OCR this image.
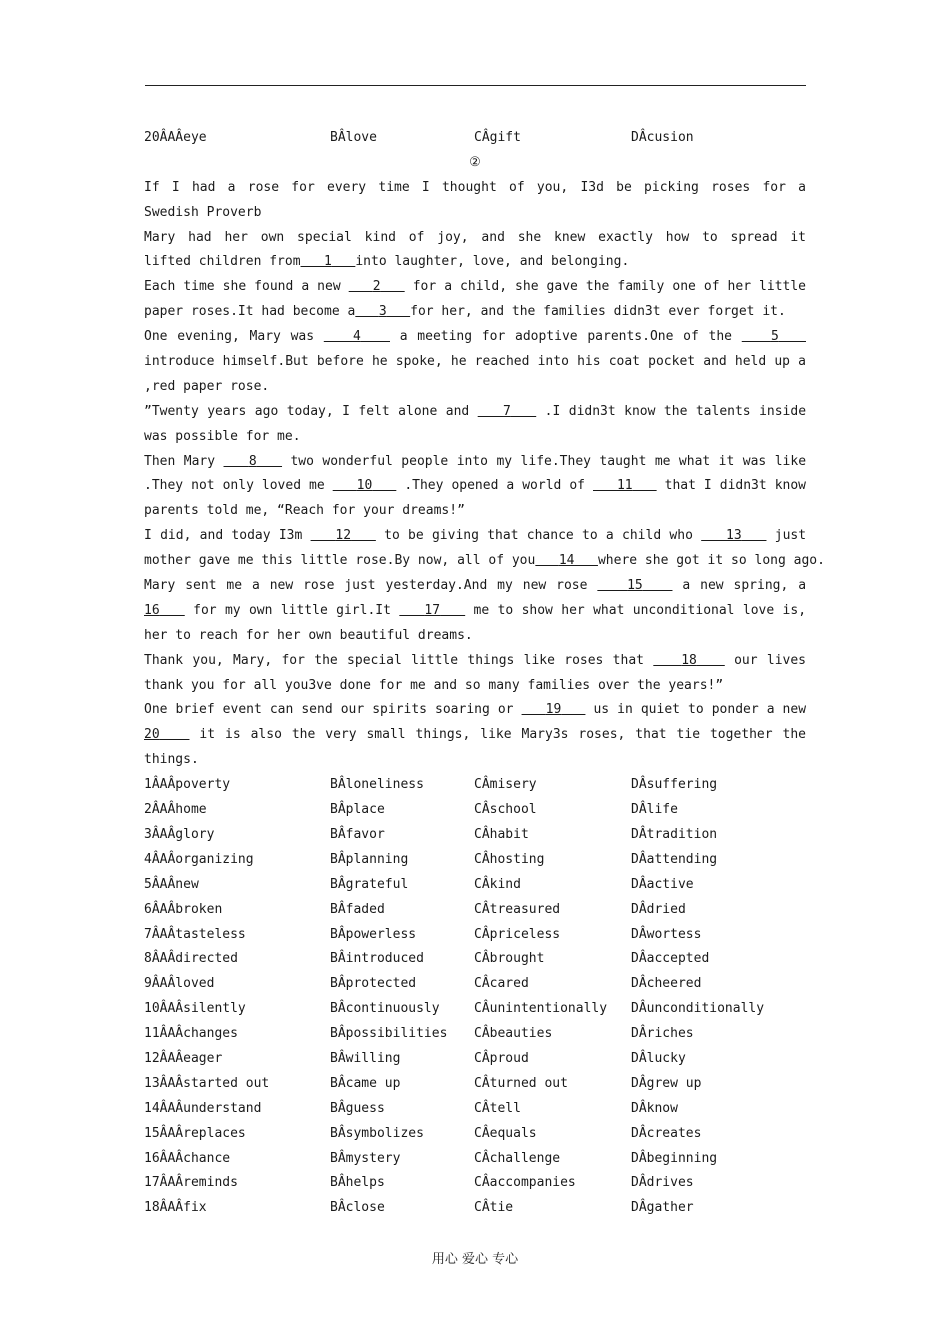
20ÂAÂeye	BÂlove	CÂgift	DÂcusion
②
If I had a rose for every time I thought of you, I3d be picking roses for a
Swedish Proverb
Mary had her own special kind of joy, and she knew exactly how to spread it
lifted children from 1 into laughter, love, and belonging.
Each time she found a new 2 for a child, she gave the family one of her little
paper roses.It had become a 3 for her, and the families didn3t ever forget it.
One evening, Mary was	4	a meeting for adoptive parents.One of the	5
introduce himself.But before he spoke, he reached into his coat pocket and held up a
,red paper rose.
”Twenty years ago today, I felt alone and	7	.I didn3t know the talents inside
was possible for me.
Then Mary	8	two wonderful people into my life.They taught me what it was like
.They not only loved me 10 .They opened a world of 11 that I didn3t know
parents told me, “Reach for your dreams!”
I did, and today I3m	12	to be giving that chance to a child who	13	just
mother gave me this little rose.By now, all of you 14 where she got it so long ago.
Mary sent me a new rose just yesterday.And my new rose	15	a new spring, a
16	for my own little girl.It	17	me to show her what unconditional love is,
her to reach for her own beautiful dreams.
Thank you, Mary, for the special little things like roses that	18	our lives
thank you for all you3ve done for me and so many families over the years!”
One brief event can send our spirits soaring or 19 us in quiet to ponder a new
20	it is also the very small things, like Mary3s roses, that tie together the
things.
1ÂAÂpoverty	BÂloneliness	CÂmisery	DÂsuffering
2ÂAÂhome	BÂplace	CÂschool	DÂlife
3ÂAÂglory	BÂfavor	CÂhabit	DÂtradition
4ÂAÂorganizing	BÂplanning	CÂhosting	DÂattending
5ÂAÂnew	BÂgrateful	CÂkind	DÂactive
6ÂAÂbroken	BÂfaded	CÂtreasured	DÂdried
7ÂAÂtasteless	BÂpowerless	CÂpriceless	DÂwortess
8ÂAÂdirected	BÂintroduced	CÂbrought	DÂaccepted
9ÂAÂloved	BÂprotected	CÂcared	DÂcheered
10ÂAÂsilently	BÂcontinuously	CÂunintentionally	DÂunconditionally
11ÂAÂchanges	BÂpossibilities	CÂbeauties	DÂriches
12ÂAÂeager	BÂwilling	CÂproud	DÂlucky
13ÂAÂstarted out	BÂcame up	CÂturned out	DÂgrew up
14ÂAÂunderstand	BÂguess	CÂtell	DÂknow
15ÂAÂreplaces	BÂsymbolizes	CÂequals	DÂcreates
16ÂAÂchance	BÂmystery	CÂchallenge	DÂbeginning
17ÂAÂreminds	BÂhelps	CÂaccompanies	DÂdrives
18ÂAÂfix	BÂclose	CÂtie	DÂgather
用心 爱心 专心
